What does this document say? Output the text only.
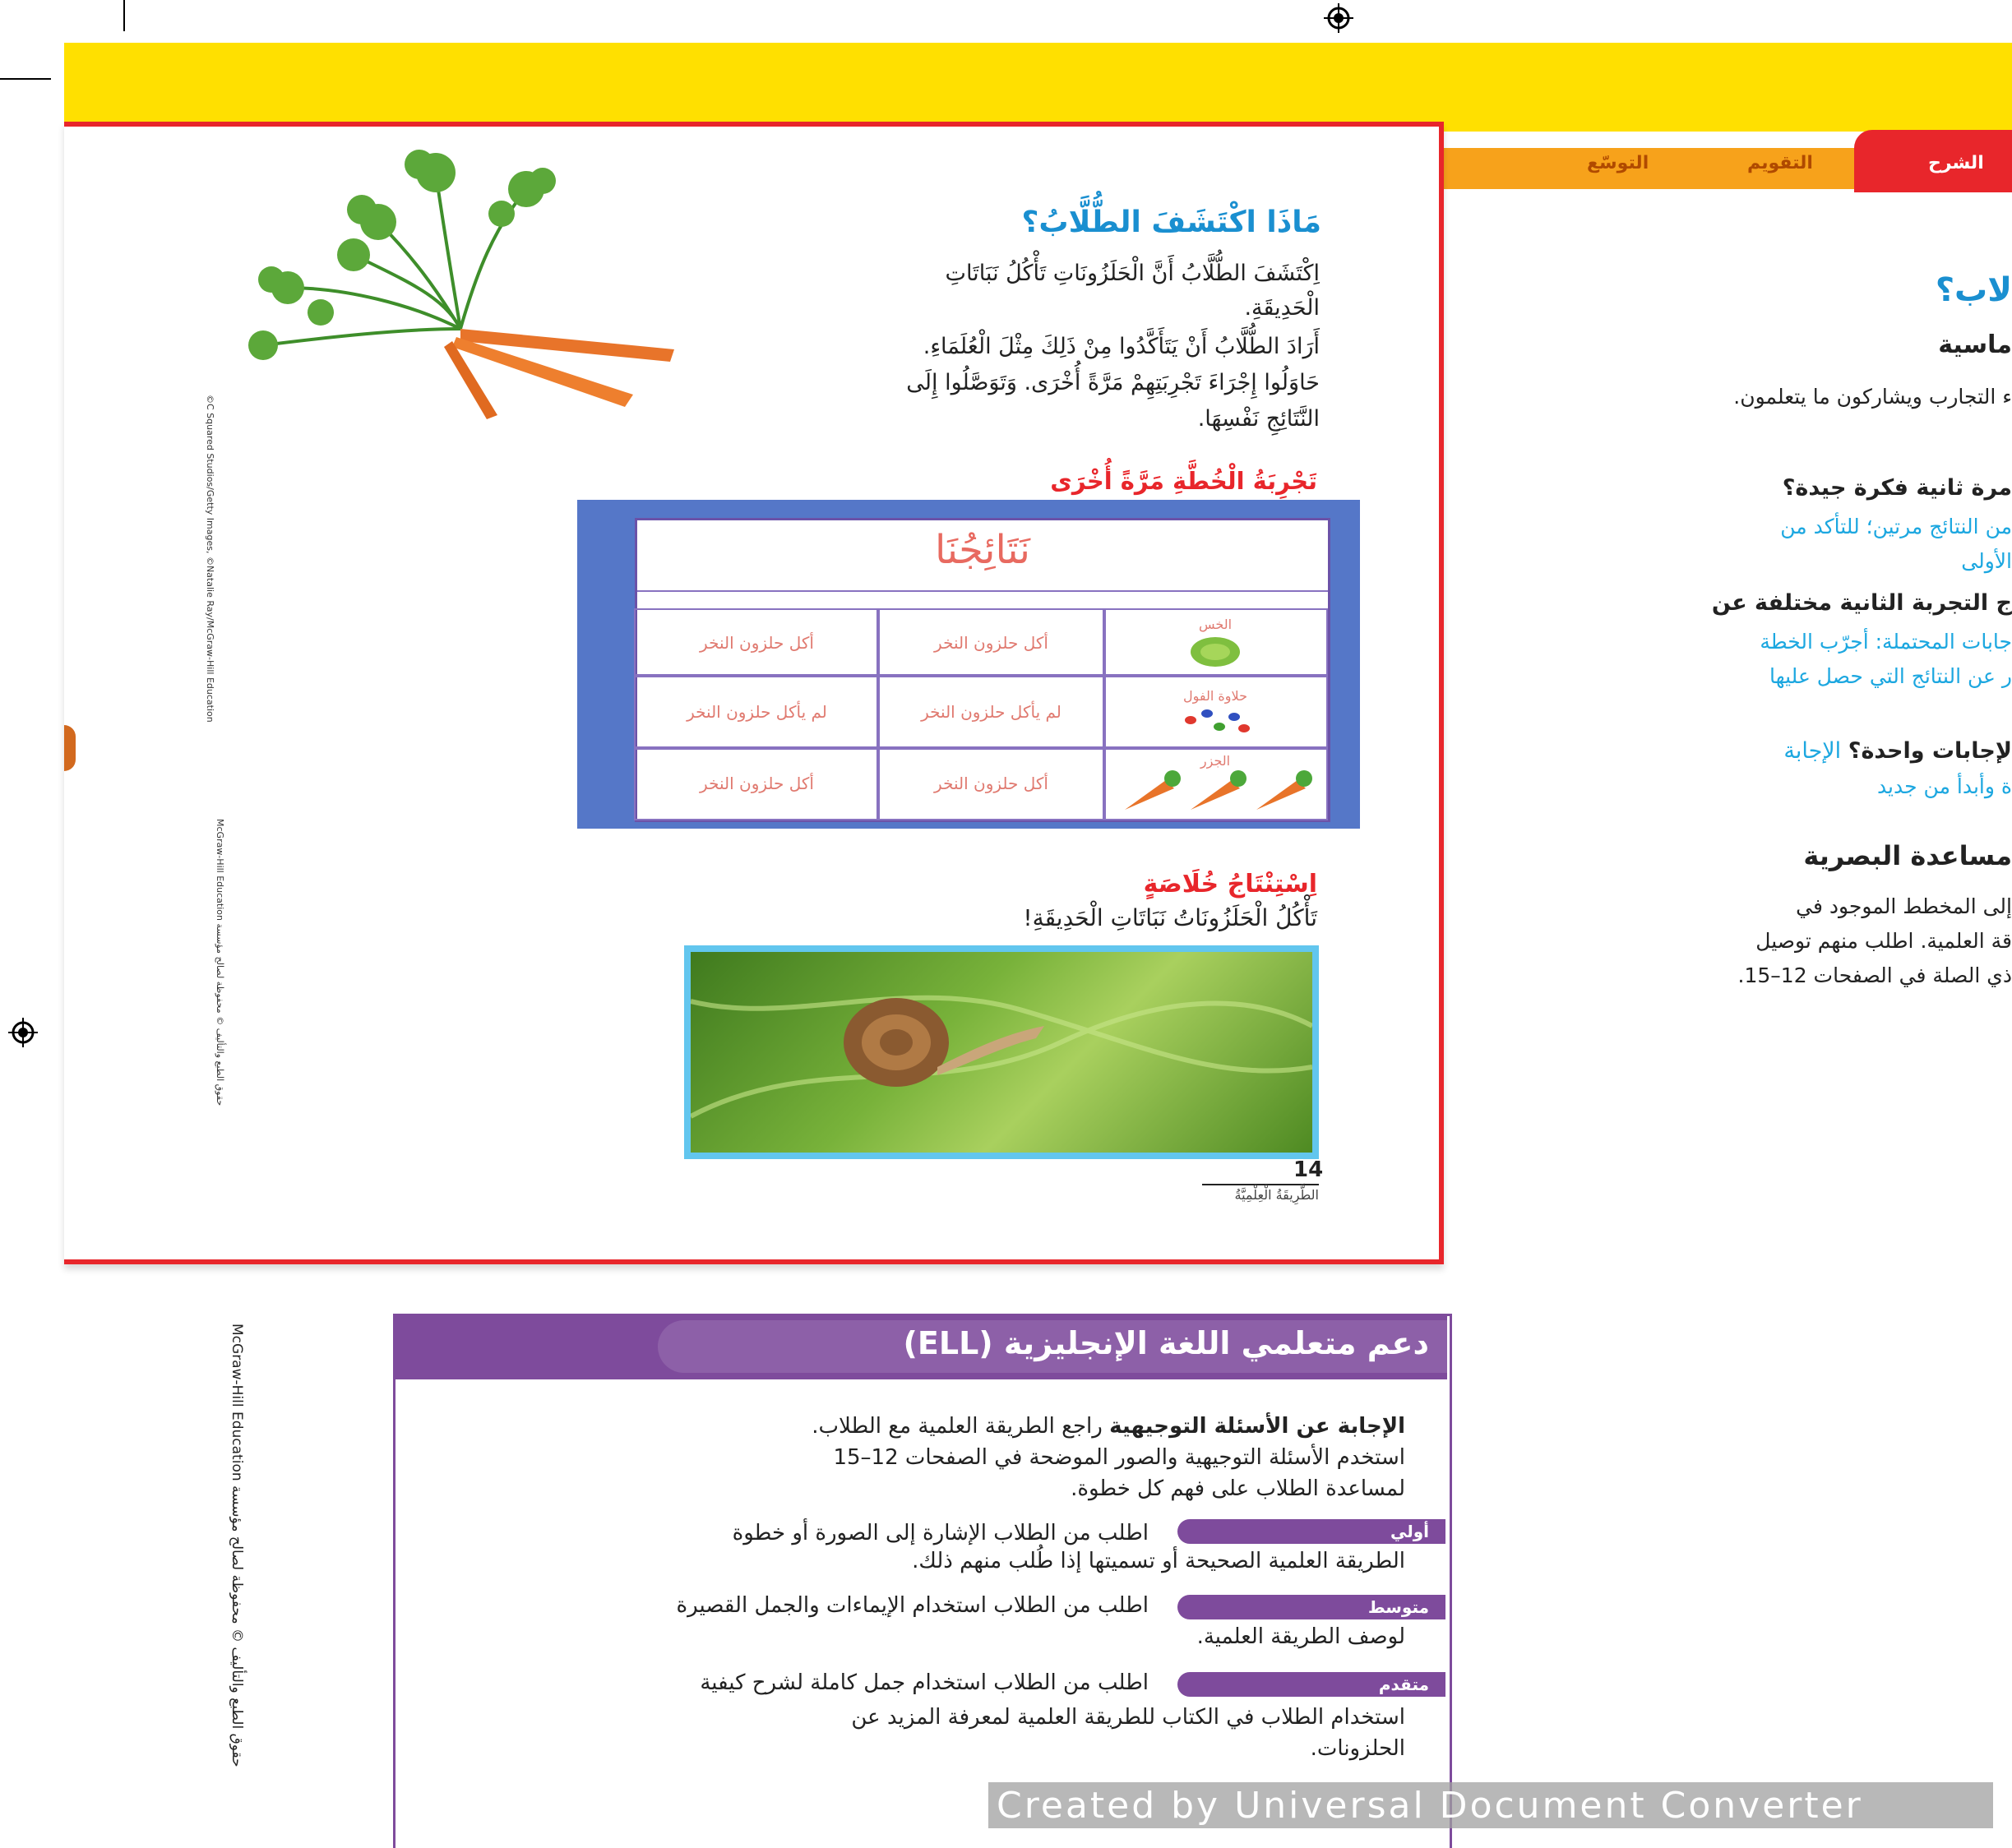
الشرح
التقويم
التوسّع
مَاذَا اكْتَشَفَ الطُّلَّابُ؟
اِكْتَشَفَ الطُّلَّابُ أَنَّ الْحَلَزُونَاتِ تَأْكُلُ نَبَاتَاتِ
الْحَدِيقَةِ.
أَرَادَ الطُّلَّابُ أَنْ يَتَأَكَّدُوا مِنْ ذَلِكَ مِثْلَ الْعُلَمَاءِ.
حَاوَلُوا إِجْرَاءَ تَجْرِبَتِهِمْ مَرَّةً أُخْرَى. وَتَوَصَّلُوا إِلَى
النَّتَائِجِ نَفْسِهَا.
تَجْرِبَةُ الْخُطَّةِ مَرَّةً أُخْرَى
نَتَائِجُنَا
الخس
أكل حلزون النخر
أكل حلزون النخر
حلاوة الفول
لم يأكل حلزون النخر
لم يأكل حلزون النخر
الجزر
أكل حلزون النخر
أكل حلزون النخر
اِسْتِنْتَاجُ خُلَاصَةٍ
تَأْكُلُ الْحَلَزُونَاتُ نَبَاتَاتِ الْحَدِيقَةِ!
14
الطَّرِيقَةُ الْعِلْمِيَّةُ
©C Squared Studios/Getty Images, ©Natalie Ray/McGraw-Hill Education
McGraw-Hill Education حقوق الطبع والتأليف © محفوظة لصالح مؤسسة
لاب؟
ماسية
ء التجارب ويشاركون ما يتعلمون.
مرة ثانية فكرة جيدة؟
من النتائج مرتين؛ للتأكد من
الأولى
ج التجربة الثانية مختلفة عن
جابات المحتملة: أجرّب الخطة
ر عن النتائج التي حصل عليها
لإجابات واحدة؟ الإجابة
ة وأبدأ من جديد
مساعدة البصرية
إلى المخطط الموجود في
قة العلمية. اطلب منهم توصيل
ذي الصلة في الصفحات 12–15.
دعم متعلمي اللغة الإنجليزية (ELL)
الإجابة عن الأسئلة التوجيهية راجع الطريقة العلمية مع الطلاب.
استخدم الأسئلة التوجيهية والصور الموضحة في الصفحات 12–15
لمساعدة الطلاب على فهم كل خطوة.
أولي
اطلب من الطلاب الإشارة إلى الصورة أو خطوة
الطريقة العلمية الصحيحة أو تسميتها إذا طُلب منهم ذلك.
متوسط
اطلب من الطلاب استخدام الإيماءات والجمل القصيرة
لوصف الطريقة العلمية.
متقدم
اطلب من الطلاب استخدام جمل كاملة لشرح كيفية
استخدام الطلاب في الكتاب للطريقة العلمية لمعرفة المزيد عن
الحلزونات.
McGraw-Hill Education حقوق الطبع والتأليف © محفوظة لصالح مؤسسة
Created by Universal Document Converter
